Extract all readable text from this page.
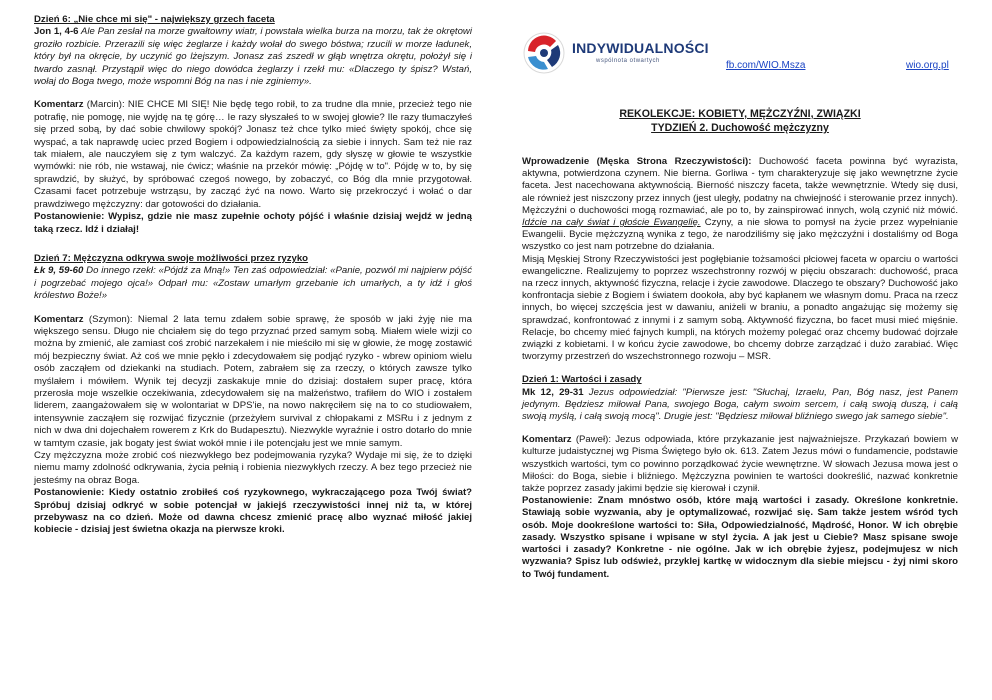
Dzień 6: „Nie chce mi się" - największy grzech faceta

Jon 1, 4-6 Ale Pan zesłał na morze gwałtowny wiatr, i powstała wielka burza na morzu, tak że okrętowi groziło rozbicie. Przerazili się więc żeglarze i każdy wołał do swego bóstwa; rzucili w morze ładunek, który był na okręcie, by uczynić go lżejszym. Jonasz zaś zszedł w głąb wnętrza okrętu, położył się i twardo zasnął. Przystąpił więc do niego dowódca żeglarzy i rzekł mu: «Dlaczego ty śpisz? Wstań, wołaj do Boga twego, może wspomni Bóg na nas i nie zginiemy».

Komentarz (Marcin): NIE CHCE MI SIĘ! Nie będę tego robił, to za trudne dla mnie, przecież tego nie potrafię, nie pomogę, nie wyjdę na tę górę… Ie razy słyszałeś to w swojej głowie? Ile razy tłumaczyłeś się przed sobą, by dać sobie chwilowy spokój? Jonasz też chce tylko mieć święty spokój, chce się wyspać, a tak naprawdę uciec przed Bogiem i odpowiedzialnością za siebie i innych. Sam też nie raz tak miałem, ale nauczyłem się z tym walczyć. Za każdym razem, gdy słyszę w głowie te wszystkie wymówki: nie rób, nie wstawaj, nie ćwicz; właśnie na przekór mówię: „Pójdę w to". Pójdę w to, by się sprawdzić, by służyć, by spróbować czegoś nowego, by zobaczyć, co Bóg dla mnie przygotował. Czasami facet potrzebuje wstrząsu, by zacząć żyć na nowo. Warto się przekroczyć i wołać o dar prawdziwego mężczyzny: dar gotowości do działania.

Postanowienie: Wypisz, gdzie nie masz zupełnie ochoty pójść i właśnie dzisiaj wejdź w jedną taką rzecz. Idź i działaj!

Dzień 7: Mężczyzna odkrywa swoje możliwości przez ryzyko

Łk 9, 59-60 Do innego rzekł: «Pójdź za Mną!» Ten zaś odpowiedział: «Panie, pozwól mi najpierw pójść i pogrzebać mojego ojca!» Odparł mu: «Zostaw umarłym grzebanie ich umarłych, a ty idź i głoś królestwo Boże!»

Komentarz (Szymon): Niemal 2 lata temu zdałem sobie sprawę, że sposób w jaki żyję nie ma większego sensu. Długo nie chciałem się do tego przyznać przed samym sobą. Miałem wiele wizji co można by zmienić, ale zamiast coś zrobić narzekałem i nie mieściło mi się w głowie, że mogę zostawić mój bezpieczny świat. Aż coś we mnie pękło i zdecydowałem się podjąć ryzyko - wbrew opiniom wielu osób zacząłem od dziekanki na studiach. Potem, zabrałem się za rzeczy, o których zawsze tylko myślałem i mówiłem. Wynik tej decyzji zaskakuje mnie do dzisiaj: dostałem super pracę, która przerosła moje wszelkie oczekiwania, zdecydowałem się na małżeństwo, trafiłem do WIO i zostałem liderem, zaangażowałem się w wolontariat w DPS'ie, na nowo nakręciłem się na to co studiowałem, intensywnie zacząłem się rozwijać fizycznie (przeżyłem survival z chłopakami z MSRu i z jednym z nich w dwa dni dojechałem rowerem z Krk do Budapesztu). Niezwykle wyraźnie i ostro dotarło do mnie w tamtym czasie, jak bogaty jest świat wokół mnie i ile potencjału jest we mnie samym.

Czy mężczyzna może zrobić coś niezwykłego bez podejmowania ryzyka? Wydaje mi się, że to dzięki niemu mamy zdolność odkrywania, życia pełnią i robienia niezwykłych rzeczy. A bez tego przecież nie jesteśmy na obraz Boga.

Postanowienie: Kiedy ostatnio zrobiłeś coś ryzykownego, wykraczającego poza Twój świat? Spróbuj dzisiaj odkryć w sobie potencjał w jakiejś rzeczywistości innej niż ta, w której przebywasz na co dzień. Może od dawna chcesz zmienić pracę albo wyznać miłość jakiej kobiecie - dzisiaj jest świetna okazja na pierwsze kroki.

INDYWIDUALNOŚCI
wspólnota otwartych	fb.com/WIO.Msza	wio.org.pl
REKOLEKCJE: KOBIETY, MĘŻCZYŹNI, ZWIĄZKI
TYDZIEŃ 2. Duchowość mężczyzny

Wprowadzenie (Męska Strona Rzeczywistości): Duchowość faceta powinna być wyrazista, aktywna, potwierdzona czynem. Nie bierna. Gorliwa - tym charakteryzuje się jako wewnętrzne życie faceta. Jest nacechowana aktywnością. Bierność niszczy faceta, także wewnętrznie. Wtedy się dusi, ale również jest niszczony przez innych (jest uległy, podatny na chwiejność i sterowanie przez innych). Mężczyźni o duchowości mogą rozmawiać, ale po to, by zainspirować innych, wolą czynić niż mówić. Idźcie na cały świat i głoście Ewangelię. Czyny, a nie słowa to pomysł na życie przez wypełnianie Ewangelii. Bycie mężczyzną wynika z tego, że narodziliśmy się jako mężczyźni i dostaliśmy od Boga wszystko co jest nam potrzebne do działania.

Misją Męskiej Strony Rzeczywistości jest pogłębianie tożsamości płciowej faceta w oparciu o wartości ewangeliczne. Realizujemy to poprzez wszechstronny rozwój w pięciu obszarach: duchowość, praca na rzecz innych, aktywność fizyczna, relacje i życie zawodowe. Dlaczego te obszary? Duchowość jako konfrontacja siebie z Bogiem i światem dookoła, aby być kapłanem we własnym domu. Praca na rzecz innych, bo więcej szczęścia jest w dawaniu, aniżeli w braniu, a ponadto angażując się możemy się sprawdzać, konfrontować z innymi i z samym sobą. Aktywność fizyczna, bo facet musi mieć mięśnie. Relacje, bo chcemy mieć fajnych kumpli, na których możemy polegać oraz chcemy budować dojrzałe związki z kobietami. I w końcu życie zawodowe, bo chcemy dobrze zarządzać i dużo zarabiać. Więc tworzymy przestrzeń do wszechstronnego rozwoju – MSR.

Dzień 1: Wartości i zasady

Mk 12, 29-31 Jezus odpowiedział: "Pierwsze jest: "Słuchaj, Izraelu, Pan, Bóg nasz, jest Panem jedynym. Będziesz miłował Pana, swojego Boga, całym swoim sercem, i całą swoją duszą, i całą swoją myślą, i całą swoją mocą". Drugie jest: "Będziesz miłował bliźniego swego jak samego siebie".

Komentarz (Paweł): Jezus odpowiada, które przykazanie jest najważniejsze. Przykazań bowiem w kulturze judaistycznej wg Pisma Świętego było ok. 613. Zatem Jezus mówi o fundamencie, podstawie wszystkich wartości, tym co powinno porządkować życie wewnętrzne. W słowach Jezusa mowa jest o Miłości: do Boga, siebie i bliźniego. Mężczyzna powinien te wartości dookreślić, nazwać konkretnie także poprzez zasady jakimi będzie się kierował i czynił.

Postanowienie: Znam mnóstwo osób, które mają wartości i zasady. Określone konkretnie. Stawiają sobie wyzwania, aby je optymalizować, rozwijać się. Sam także jestem wśród tych osób. Moje dookreślone wartości to: Siła, Odpowiedzialność, Mądrość, Honor. W ich obrębie zasady. Wszystko spisane i wpisane w styl życia. A jak jest u Ciebie? Masz spisane swoje wartości i zasady? Konkretne - nie ogólne. Jak w ich obrębie żyjesz, podejmujesz w nich wyzwania? Spisz lub odśwież, przyklej kartkę w widocznym dla siebie miejscu - żyj nimi skoro to Twój fundament.
